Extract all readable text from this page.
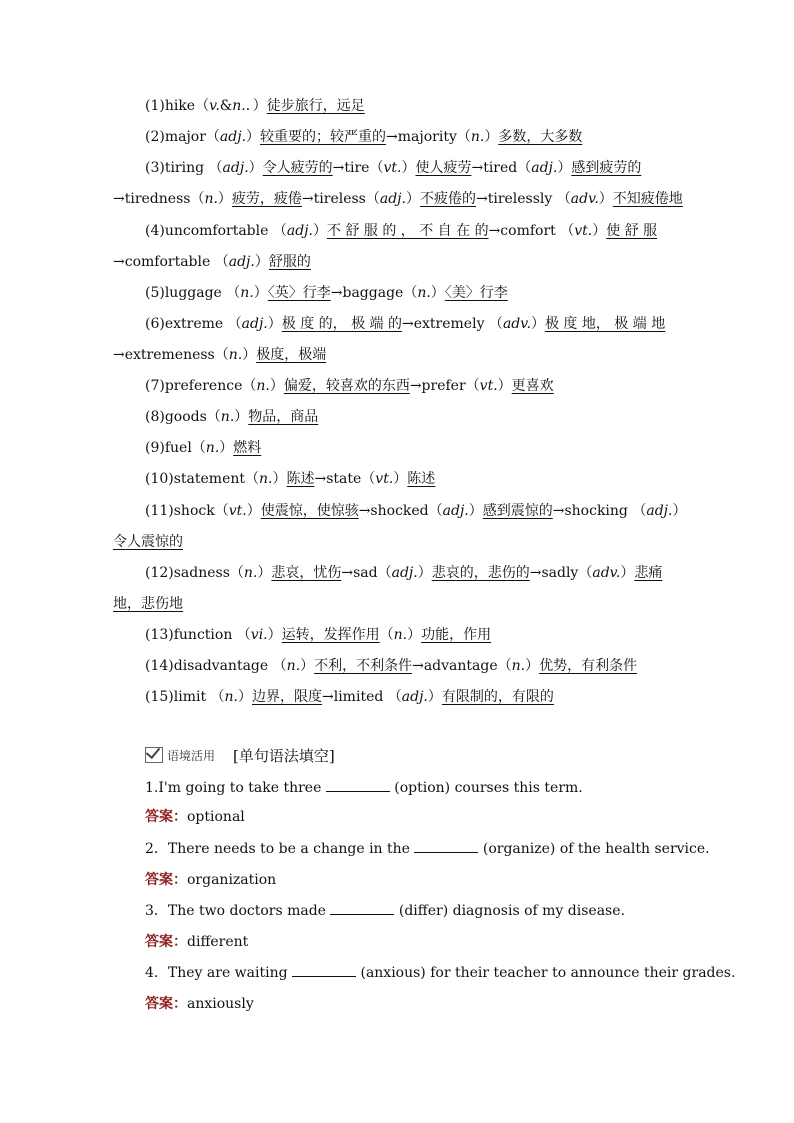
(1)hike（v.&n.．）徒步旅行，远足
(2)major（adj.）较重要的；较严重的→majority（n.）多数，大多数
(3)tiring （adj.）令人疲劳的→tire（vt.）使人疲劳→tired（adj.）感到疲劳的
→tiredness（n.）疲劳，疲倦→tireless（adj.）不疲倦的→tirelessly （adv.）不知疲倦地
(4)uncomfortable （adj.）不 舒 服 的 ， 不 自 在 的→comfort （vt.）使 舒 服
→comfortable （adj.）舒服的
(5)luggage （n.）〈英〉行李→baggage（n.）〈美〉行李
(6)extreme （adj.）极 度 的， 极 端 的→extremely （adv.）极 度 地， 极 端 地
→extremeness（n.）极度，极端
(7)preference（n.）偏爱，较喜欢的东西→prefer（vt.）更喜欢
(8)goods（n.）物品，商品
(9)fuel（n.）燃料
(10)statement（n.）陈述→state（vt.）陈述
(11)shock（vt.）使震惊，使惊骇→shocked（adj.）感到震惊的→shocking （adj.）
令人震惊的
(12)sadness（n.）悲哀，忧伤→sad（adj.）悲哀的，悲伤的→sadly（adv.）悲痛
地，悲伤地
(13)function （vi.）运转，发挥作用（n.）功能，作用
(14)disadvantage （n.）不利，不利条件→advantage（n.）优势，有利条件
(15)limit （n.）边界，限度→limited （adj.）有限制的，有限的
语境活用 [单句语法填空]
1.I'm going to take three	(option) courses this term.
答案：optional
2．There needs to be a change in the	(organize) of the health service.
答案：organization
3．The two doctors made	(differ) diagnosis of my disease.
答案：different
4．They are waiting	(anxious) for their teacher to announce their grades.
答案：anxiously
